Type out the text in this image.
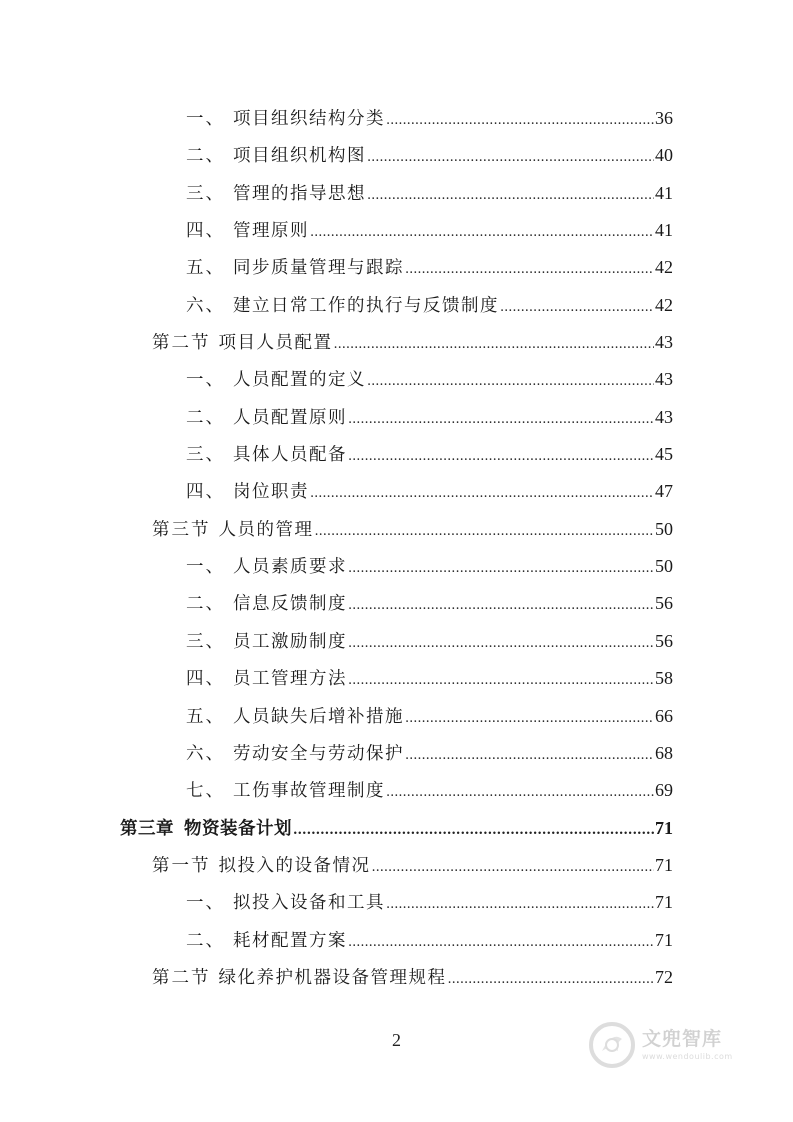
一、 项目组织结构分类 .....	36
二、 项目组织机构图 .....	40
三、 管理的指导思想 .....	41
四、 管理原则 .....	41
五、 同步质量管理与跟踪 .....	42
六、 建立日常工作的执行与反馈制度 .....	42
第二节 项目人员配置 .....	43
一、 人员配置的定义 .....	43
二、 人员配置原则 .....	43
三、 具体人员配备 .....	45
四、 岗位职责 .....	47
第三节 人员的管理 .....	50
一、 人员素质要求 .....	50
二、 信息反馈制度 .....	56
三、 员工激励制度 .....	56
四、 员工管理方法 .....	58
五、 人员缺失后增补措施 .....	66
六、 劳动安全与劳动保护 .....	68
七、 工伤事故管理制度 .....	69
第三章 物资装备计划 .....	71
第一节 拟投入的设备情况 .....	71
一、 拟投入设备和工具 .....	71
二、 耗材配置方案 .....	71
第二节 绿化养护机器设备管理规程 .....	72
2	文兜智库
www.wendoulib.com
